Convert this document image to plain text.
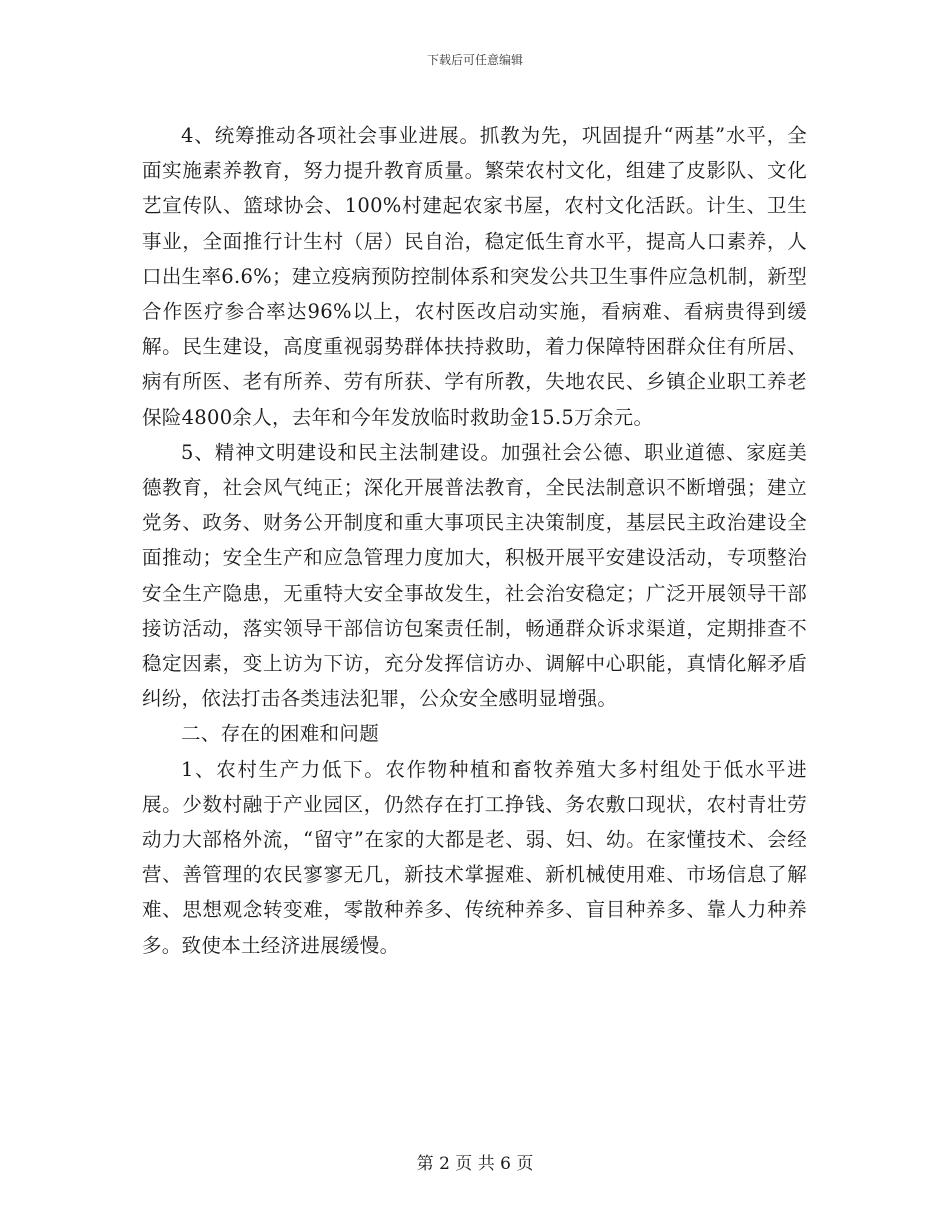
下载后可任意编辑

4、统筹推动各项社会事业进展。抓教为先，巩固提升“两基”水平，全面实施素养教育，努力提升教育质量。繁荣农村文化，组建了皮影队、文化艺宣传队、篮球协会、100%村建起农家书屋，农村文化活跃。计生、卫生事业，全面推行计生村（居）民自治，稳定低生育水平，提高人口素养，人口出生率6.6%；建立疫病预防控制体系和突发公共卫生事件应急机制，新型合作医疗参合率达96%以上，农村医改启动实施，看病难、看病贵得到缓解。民生建设，高度重视弱势群体扶持救助，着力保障特困群众住有所居、病有所医、老有所养、劳有所获、学有所教，失地农民、乡镇企业职工养老保险4800余人，去年和今年发放临时救助金15.5万余元。

5、精神文明建设和民主法制建设。加强社会公德、职业道德、家庭美德教育，社会风气纯正；深化开展普法教育，全民法制意识不断增强；建立党务、政务、财务公开制度和重大事项民主决策制度，基层民主政治建设全面推动；安全生产和应急管理力度加大，积极开展平安建设活动，专项整治安全生产隐患，无重特大安全事故发生，社会治安稳定；广泛开展领导干部接访活动，落实领导干部信访包案责任制，畅通群众诉求渠道，定期排查不稳定因素，变上访为下访，充分发挥信访办、调解中心职能，真情化解矛盾纠纷，依法打击各类违法犯罪，公众安全感明显增强。

二、存在的困难和问题

1、农村生产力低下。农作物种植和畜牧养殖大多村组处于低水平进展。少数村融于产业园区，仍然存在打工挣钱、务农敷口现状，农村青壮劳动力大部格外流，“留守”在家的大都是老、弱、妇、幼。在家懂技术、会经营、善管理的农民寥寥无几，新技术掌握难、新机械使用难、市场信息了解难、思想观念转变难，零散种养多、传统种养多、盲目种养多、靠人力种养多。致使本土经济进展缓慢。

第 2 页 共 6 页
